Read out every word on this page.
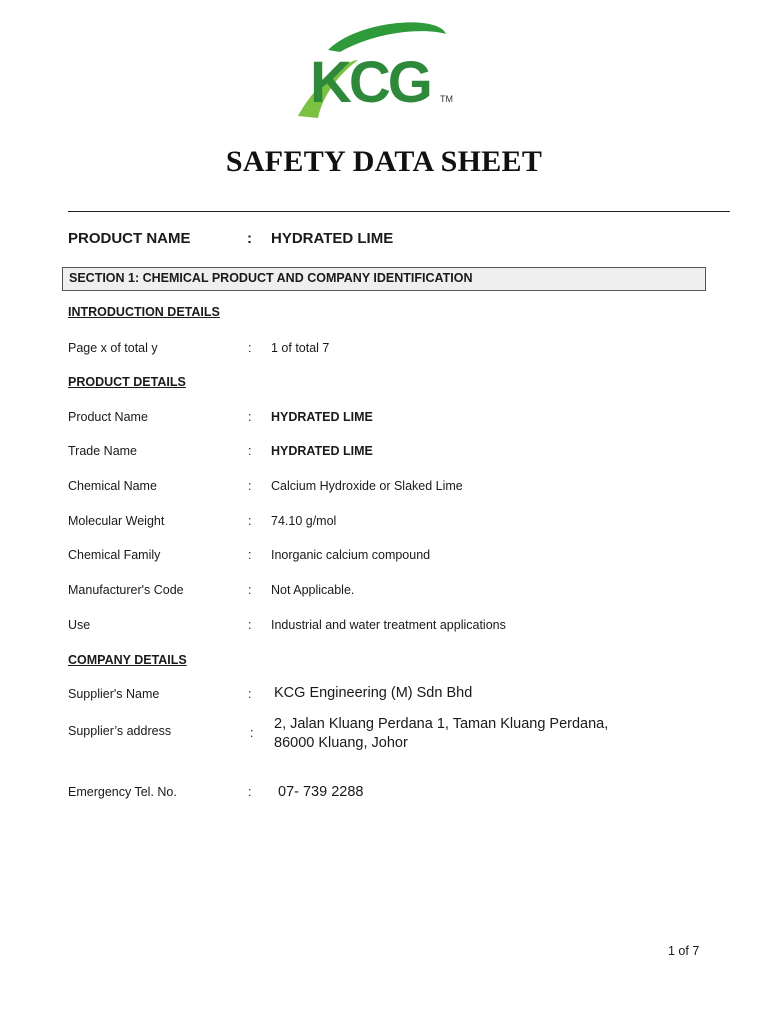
KCG TM
SAFETY DATA SHEET
PRODUCT NAME	: HYDRATED LIME
SECTION 1: CHEMICAL PRODUCT AND COMPANY IDENTIFICATION
INTRODUCTION DETAILS
Page x of total y	: 1 of total 7
PRODUCT DETAILS
Product Name	: HYDRATED LIME
Trade Name	: HYDRATED LIME
Chemical Name	: Calcium Hydroxide or Slaked Lime
Molecular Weight	: 74.10 g/mol
Chemical Family	: Inorganic calcium compound
Manufacturer's Code	: Not Applicable.
Use	: Industrial and water treatment applications
COMPANY DETAILS
Supplier's Name	: KCG Engineering (M) Sdn Bhd
Supplier’s address	:
2, Jalan Kluang Perdana 1, Taman Kluang Perdana,
86000 Kluang, Johor
Emergency Tel. No.	: 07- 739 2288
1 of 7
